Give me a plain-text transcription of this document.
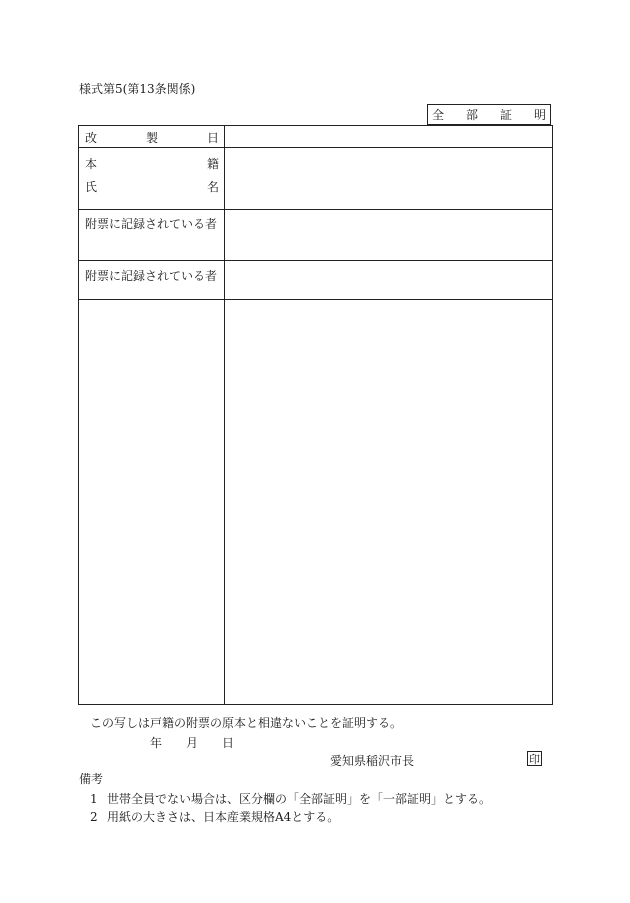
様式第5(第13条関係)
全 部 証 明
改	製	日
本	籍
氏	名
附票に記録されている者
附票に記録されている者
この写しは戸籍の附票の原本と相違ないことを証明する。
年 月 日
愛知県稲沢市長	印
備考
1 世帯全員でない場合は、区分欄の「全部証明」を「一部証明」とする。
2 用紙の大きさは、日本産業規格A4とする。
